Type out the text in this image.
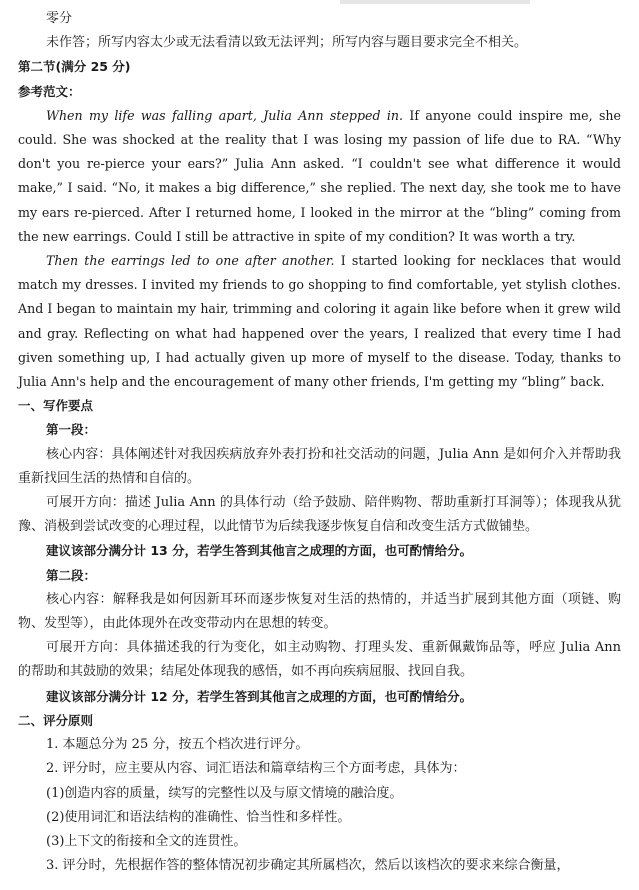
零分

未作答；所写内容太少或无法看清以致无法评判；所写内容与题目要求完全不相关。

第二节(满分 25 分)

参考范文：

When my life was falling apart, Julia Ann stepped in. If anyone could inspire me, she could. She was shocked at the reality that I was losing my passion of life due to RA. “Why don't you re-pierce your ears?” Julia Ann asked. “I couldn't see what difference it would make,” I said. “No, it makes a big difference,” she replied. The next day, she took me to have my ears re-pierced. After I returned home, I looked in the mirror at the “bling” coming from the new earrings. Could I still be attractive in spite of my condition? It was worth a try.

Then the earrings led to one after another. I started looking for necklaces that would match my dresses. I invited my friends to go shopping to find comfortable, yet stylish clothes. And I began to maintain my hair, trimming and coloring it again like before when it grew wild and gray. Reflecting on what had happened over the years, I realized that every time I had given something up, I had actually given up more of myself to the disease. Today, thanks to Julia Ann's help and the encouragement of many other friends, I'm getting my “bling” back.

一、写作要点

第一段：

核心内容：具体阐述针对我因疾病放弃外表打扮和社交活动的问题，Julia Ann 是如何介入并帮助我重新找回生活的热情和自信的。

可展开方向：描述 Julia Ann 的具体行动（给予鼓励、陪伴购物、帮助重新打耳洞等）；体现我从犹豫、消极到尝试改变的心理过程，以此情节为后续我逐步恢复自信和改变生活方式做铺垫。

建议该部分满分计 13 分，若学生答到其他言之成理的方面，也可酌情给分。

第二段：

核心内容：解释我是如何因新耳环而逐步恢复对生活的热情的，并适当扩展到其他方面（项链、购物、发型等），由此体现外在改变带动内在思想的转变。

可展开方向：具体描述我的行为变化，如主动购物、打理头发、重新佩戴饰品等，呼应 Julia Ann 的帮助和其鼓励的效果；结尾处体现我的感悟，如不再向疾病屈服、找回自我。

建议该部分满分计 12 分，若学生答到其他言之成理的方面，也可酌情给分。

二、评分原则

1. 本题总分为 25 分，按五个档次进行评分。

2. 评分时，应主要从内容、词汇语法和篇章结构三个方面考虑，具体为：

(1)创造内容的质量，续写的完整性以及与原文情境的融洽度。

(2)使用词汇和语法结构的准确性、恰当性和多样性。

(3)上下文的衔接和全文的连贯性。

3. 评分时，先根据作答的整体情况初步确定其所属档次，然后以该档次的要求来综合衡量，
